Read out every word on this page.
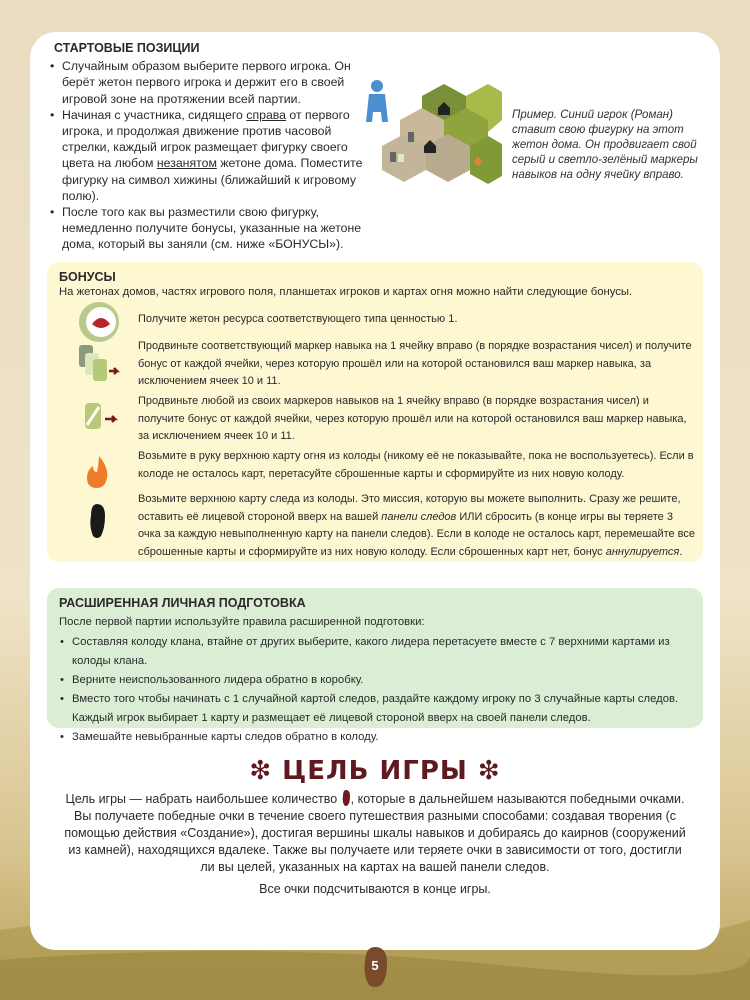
СТАРТОВЫЕ ПОЗИЦИИ
• Случайным образом выберите первого игрока. Он берёт жетон первого игрока и держит его в своей игровой зоне на протяжении всей партии.
• Начиная с участника, сидящего справа от первого игрока, и продолжая движение против часовой стрелки, каждый игрок размещает фигурку своего цвета на любом незанятом жетоне дома. Поместите фигурку на символ хижины (ближайший к игровому полю).
• После того как вы разместили свою фигурку, немедленно получите бонусы, указанные на жетоне дома, который вы заняли (см. ниже «БОНУСЫ»).
Пример. Синий игрок (Роман) ставит свою фигурку на этот жетон дома. Он продвигает свой серый и светло-зелёный маркеры навыков на одну ячейку вправо.
БОНУСЫ
На жетонах домов, частях игрового поля, планшетах игроков и картах огня можно найти следующие бонусы.
Получите жетон ресурса соответствующего типа ценностью 1.
Продвиньте соответствующий маркер навыка на 1 ячейку вправо (в порядке возрастания чисел) и получите бонус от каждой ячейки, через которую прошёл или на которой остановился ваш маркер навыка, за исключением ячеек 10 и 11.
Продвиньте любой из своих маркеров навыков на 1 ячейку вправо (в порядке возрастания чисел) и получите бонус от каждой ячейки, через которую прошёл или на которой остановился ваш маркер навыка, за исключением ячеек 10 и 11.
Возьмите в руку верхнюю карту огня из колоды (никому её не показывайте, пока не воспользуетесь). Если в колоде не осталось карт, перетасуйте сброшенные карты и сформируйте из них новую колоду.
Возьмите верхнюю карту следа из колоды. Это миссия, которую вы можете выполнить. Сразу же решите, оставить её лицевой стороной вверх на вашей панели следов ИЛИ сбросить (в конце игры вы теряете 3 очка за каждую невыполненную карту на панели следов). Если в колоде не осталось карт, перемешайте все сброшенные карты и сформируйте из них новую колоду. Если сброшенных карт нет, бонус аннулируется.
РАСШИРЕННАЯ ЛИЧНАЯ ПОДГОТОВКА
После первой партии используйте правила расширенной подготовки:
• Составляя колоду клана, втайне от других выберите, какого лидера перетасуете вместе с 7 верхними картами из колоды клана.
• Верните неиспользованного лидера обратно в коробку.
• Вместо того чтобы начинать с 1 случайной картой следов, раздайте каждому игроку по 3 случайные карты следов. Каждый игрок выбирает 1 карту и размещает её лицевой стороной вверх на своей панели следов.
• Замешайте невыбранные карты следов обратно в колоду.
❇ ЦЕЛЬ ИГРЫ ❇
Цель игры — набрать наибольшее количество , которые в дальнейшем называются победными очками. Вы получаете победные очки в течение своего путешествия разными способами: создавая творения (с помощью действия «Создание»), достигая вершины шкалы навыков и добираясь до каирнов (сооружений из камней), находящихся вдалеке. Также вы получаете или теряете очки в зависимости от того, достигли ли вы целей, указанных на картах на вашей панели следов.
Все очки подсчитываются в конце игры.
5
